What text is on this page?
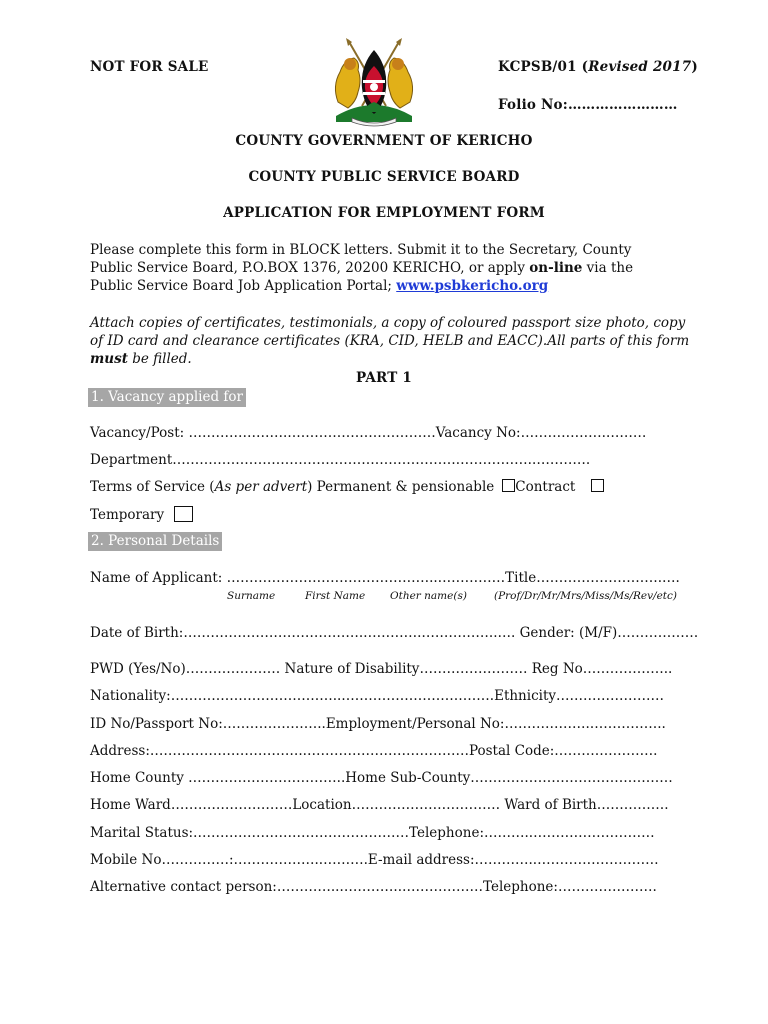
NOT FOR SALE	KCPSB/01 (Revised 2017)
Folio No:……………………
COUNTY GOVERNMENT OF KERICHO
COUNTY PUBLIC SERVICE BOARD
APPLICATION FOR EMPLOYMENT FORM
Please complete this form in BLOCK letters. Submit it to the Secretary, County
Public Service Board, P.O.BOX 1376, 20200 KERICHO, or apply on-line via the
Public Service Board Job Application Portal; www.psbkericho.org
Attach copies of certificates, testimonials, a copy of coloured passport size photo, copy
of ID card and clearance certificates (KRA, CID, HELB and EACC).All parts of this form
must be filled.
PART 1
1. Vacancy applied for
Vacancy/Post: ………………….……………………………Vacancy No:……………….………
Department……………………………………………………….…………….………….
Terms of Service (As per advert) Permanent & pensionable Contract
Temporary
2. Personal Details
Name of Applicant: ………………………………………..……………Title……………………….….
Surname	First Name Other name(s)	(Prof/Dr/Mr/Mrs/Miss/Ms/Rev/etc)
Date of Birth:………………………………….………….……………..…. Gender: (M/F)………………
PWD (Yes/No)………………… Nature of Disability…………………… Reg No………………..
Nationality:………………………………..…………………………….Ethnicity……………………
ID No/Passport No:…………………..Employment/Personal No:……………….……………..
Address:……………………………..………………………………Postal Code:………….……….
Home County ……………………………..Home Sub-County………………………………………
Home Ward………………………Location…………………………… Ward of Birth…………….
Marital Status:…………………………………………Telephone:………..………………………
Mobile No……………:………………..……….E-mail address:…………..………………………
Alternative contact person:…………..…………..………………Telephone:………………….
